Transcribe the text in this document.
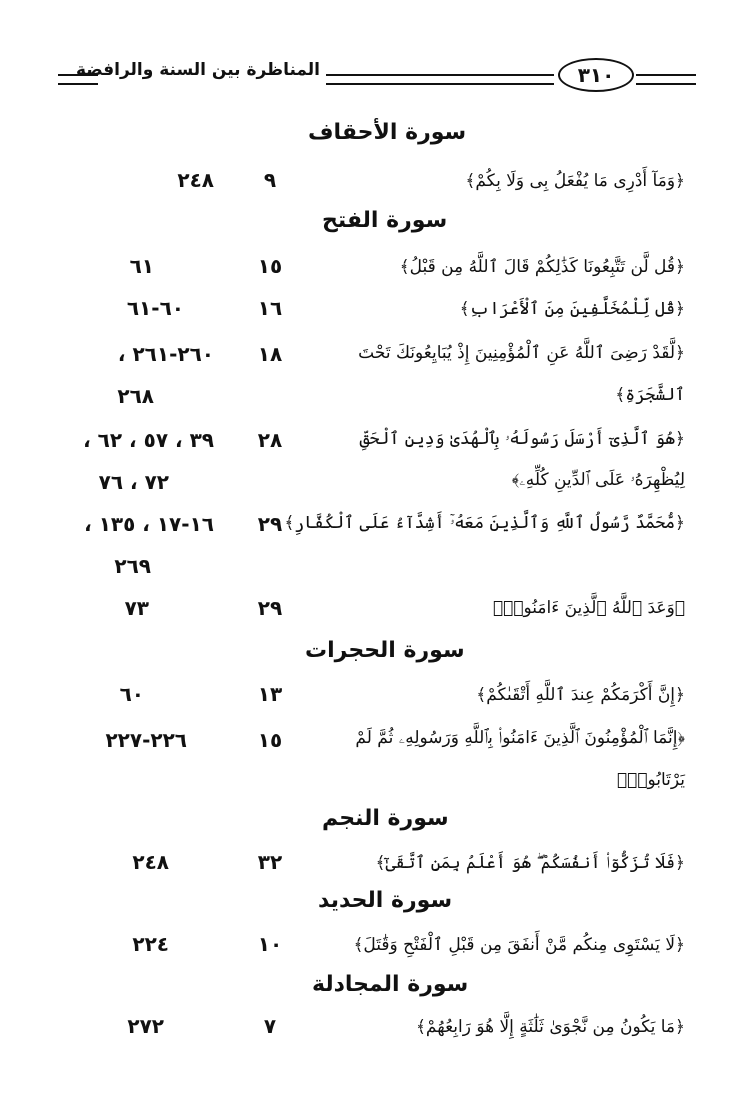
المناظرة بين السنة والرافضة	٣١٠
سورة الأحقاف
﴿وَمَآ أَدْرِى مَا يُفْعَلُ بِى وَلَا بِكُمْ﴾
٩
٢٤٨
سورة الفتح
﴿قُل لَّن تَتَّبِعُونَا كَذَٰلِكُمْ قَالَ ٱللَّهُ مِن قَبْلُ﴾
١٥
٦١
﴿قُل لِّلْمُخَلَّفِينَ مِنَ ٱلْأَعْرَابِ﴾
١٦
٦٠-٦١
﴿لَّقَدْ رَضِىَ ٱللَّهُ عَنِ ٱلْمُؤْمِنِينَ إِذْ يُبَايِعُونَكَ تَحْتَ
ٱلشَّجَرَةِ﴾
١٨
٢٦٠-٢٦١ ،
٢٦٨
﴿هُوَ ٱلَّذِىٓ أَرْسَلَ رَسُولَهُۥ بِٱلْهُدَىٰ وَدِينِ ٱلْحَقِّ
لِيُظْهِرَهُۥ عَلَى ٱلدِّينِ كُلِّهِۦ﴾
٢٨
٣٩ ، ٥٧ ، ٦٢ ،
٧٢ ، ٧٦
﴿مُّحَمَّدٌ رَّسُولُ ٱللَّهِ وَٱلَّذِينَ مَعَهُۥٓ أَشِدَّآءُ عَلَى ٱلْكُفَّارِ﴾
٢٩
١٦-١٧ ، ١٣٥ ،
٢٦٩
﴿وَعَدَ ٱللَّهُ ٱلَّذِينَ ءَامَنُوا۟﴾
٢٩
٧٣
سورة الحجرات
﴿إِنَّ أَكْرَمَكُمْ عِندَ ٱللَّهِ أَتْقَىٰكُمْ﴾
١٣
٦٠
﴿إِنَّمَا ٱلْمُؤْمِنُونَ ٱلَّذِينَ ءَامَنُوا۟ بِٱللَّهِ وَرَسُولِهِۦ ثُمَّ لَمْ
يَرْتَابُوا۟﴾
١٥
٢٢٦-٢٢٧
سورة النجم
﴿فَلَا تُزَكُّوٓا۟ أَنفُسَكُمْ ۖ هُوَ أَعْلَمُ بِمَنِ ٱتَّقَىٰٓ﴾
٣٢
٢٤٨
سورة الحديد
﴿لَا يَسْتَوِى مِنكُم مَّنْ أَنفَقَ مِن قَبْلِ ٱلْفَتْحِ وَقَٰتَلَ﴾
١٠
٢٢٤
سورة المجادلة
﴿مَا يَكُونُ مِن نَّجْوَىٰ ثَلَٰثَةٍ إِلَّا هُوَ رَابِعُهُمْ﴾
٧
٢٧٢
